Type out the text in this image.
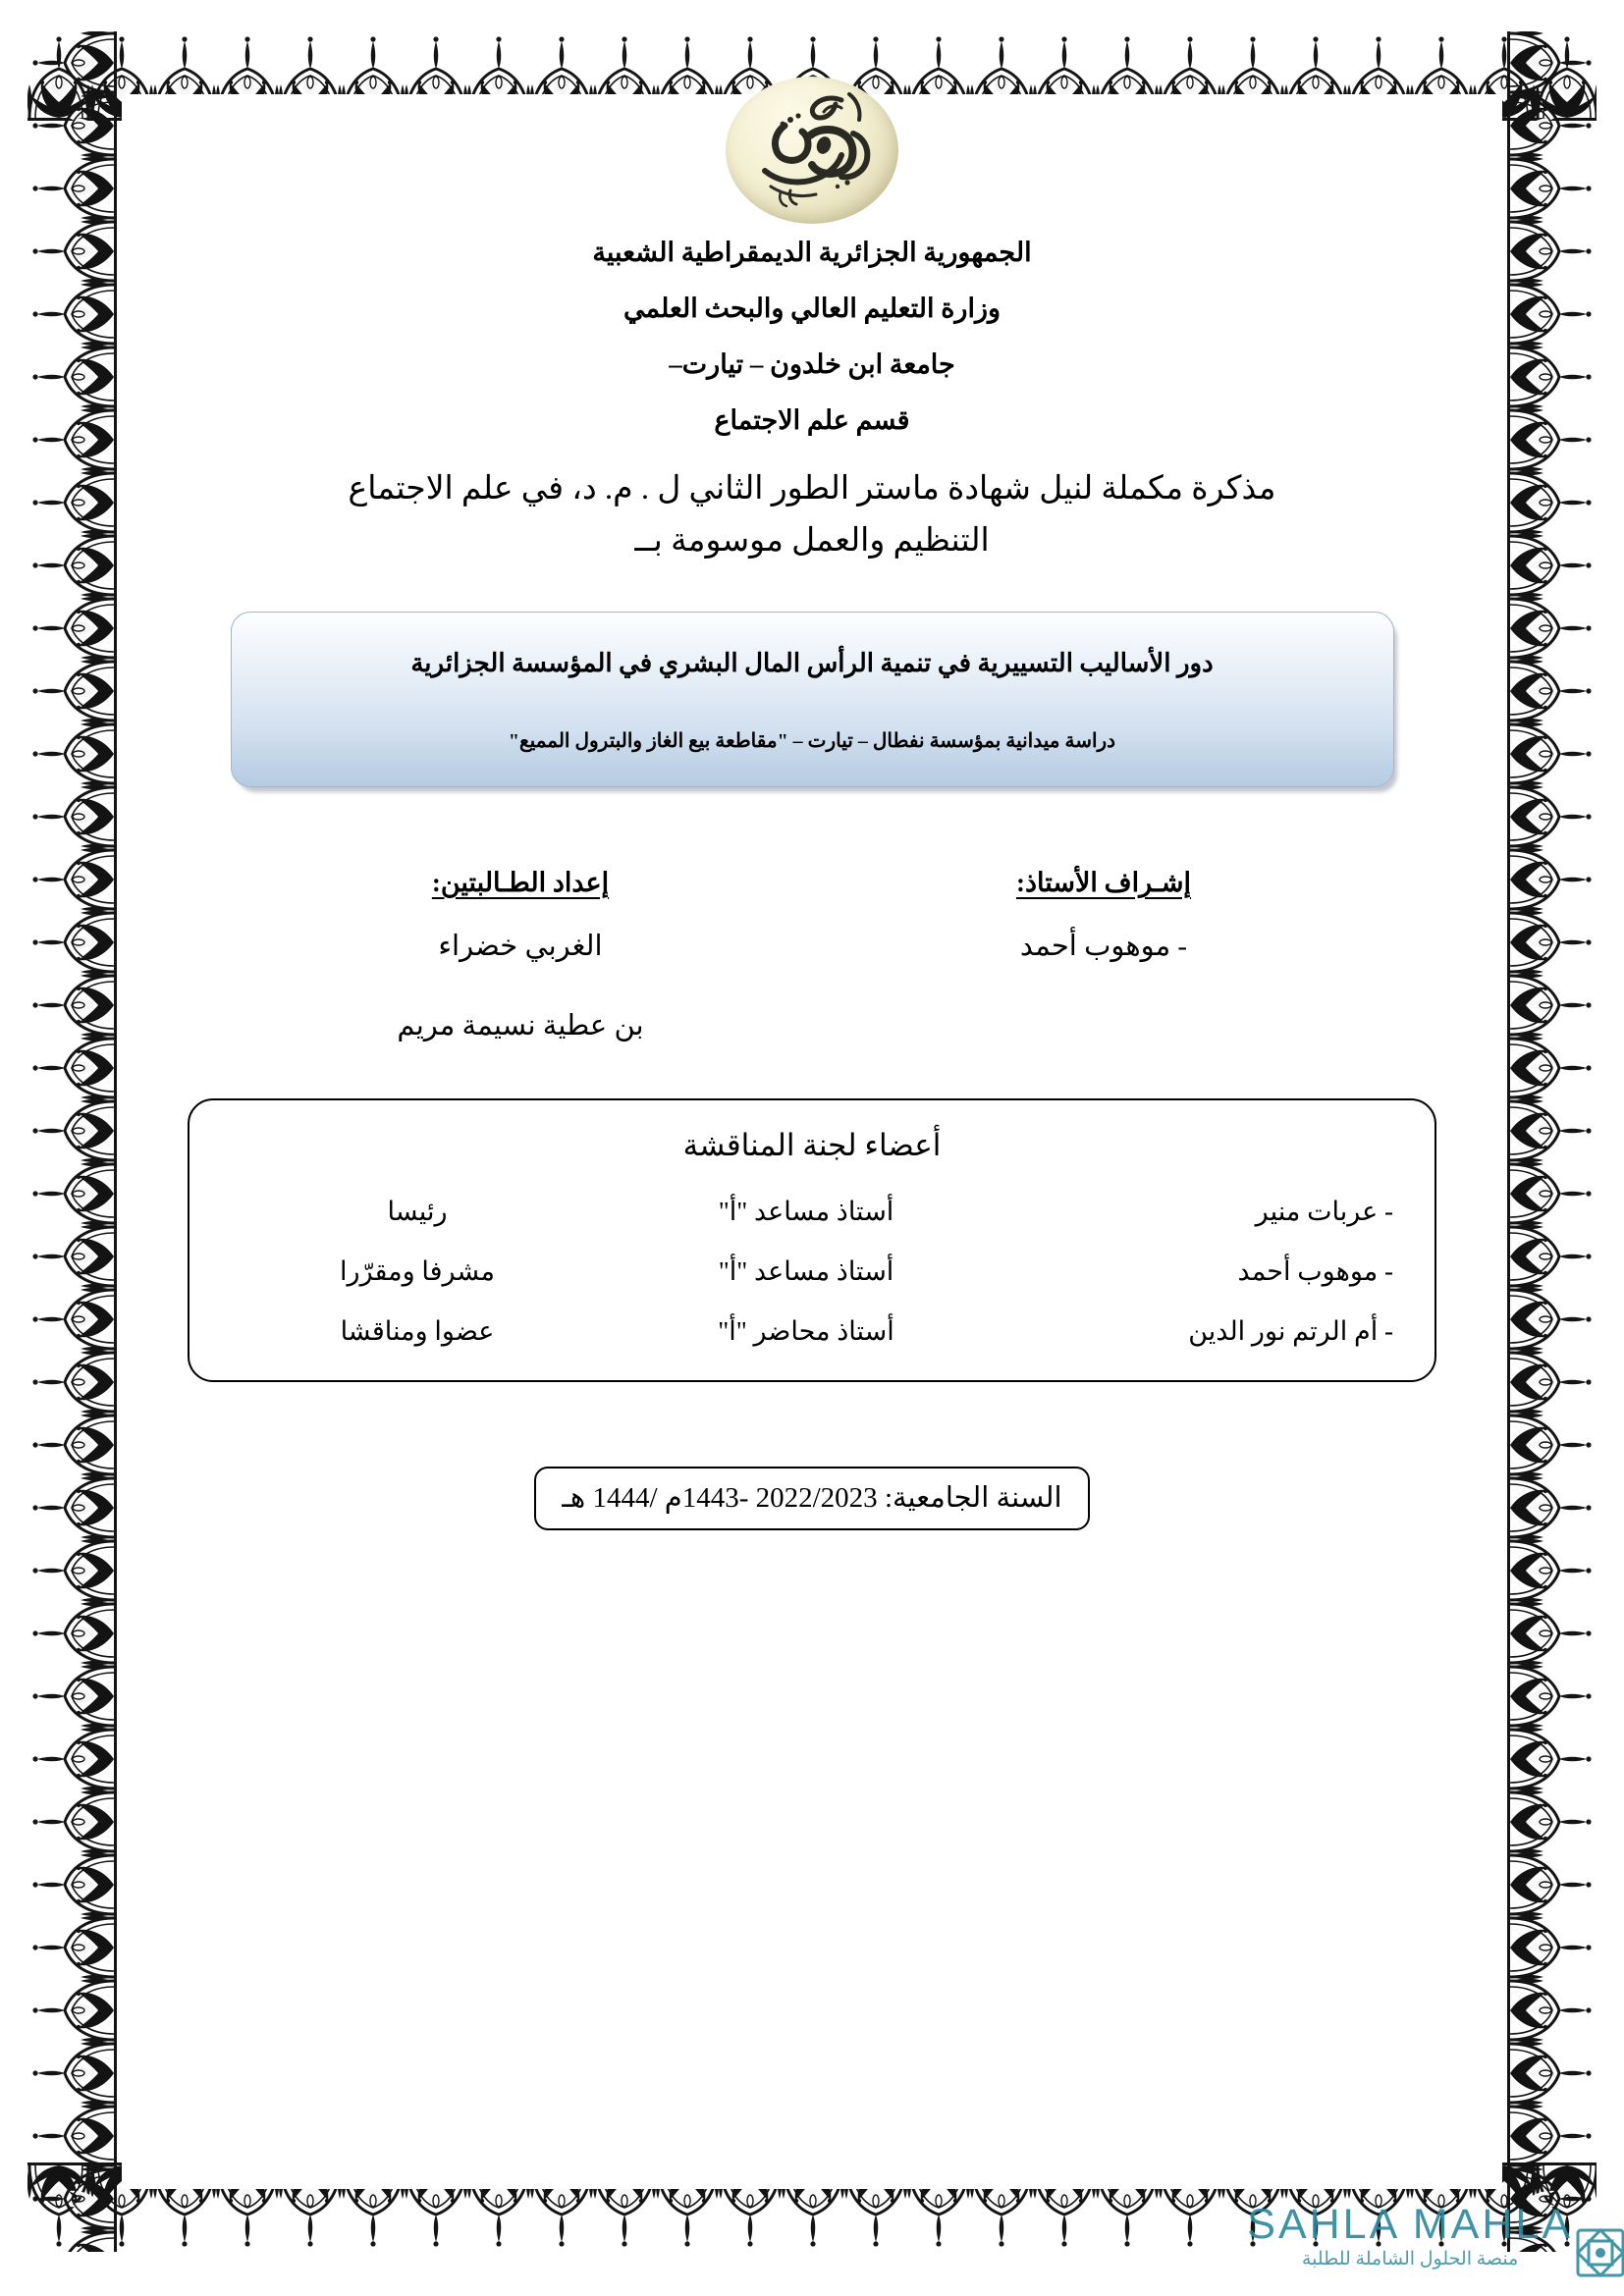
الجمهورية الجزائرية الديمقراطية الشعبية

وزارة التعليم العالي والبحث العلمي

جامعة ابن خلدون – تيارت–

قسم علم الاجتماع

مذكرة مكملة لنيل شهادة ماستر الطور الثاني ل . م. د، في علم الاجتماع التنظيم والعمل موسومة بــ

دور الأساليب التسييرية في تنمية الرأس المال البشري في المؤسسة الجزائرية

دراسة ميدانية بمؤسسة نفطال – تيارت – "مقاطعة بيع الغاز والبترول المميع"

إشـراف الأستاذ:

- موهوب أحمد

إعداد الطـالبتين:

الغربي خضراء

بن عطية نسيمة مريم

أعضاء لجنة المناقشة

- عربات منير
أستاذ مساعد "أ"
رئيسا
- موهوب أحمد
أستاذ مساعد "أ"
مشرفا ومقرّرا
- أم الرتم نور الدين
أستاذ محاضر "أ"
عضوا ومناقشا
السنة الجامعية: 2022/2023 -1443م /1444 هـ
SAHLA MAHLA
منصة الحلول الشاملة للطلبة
